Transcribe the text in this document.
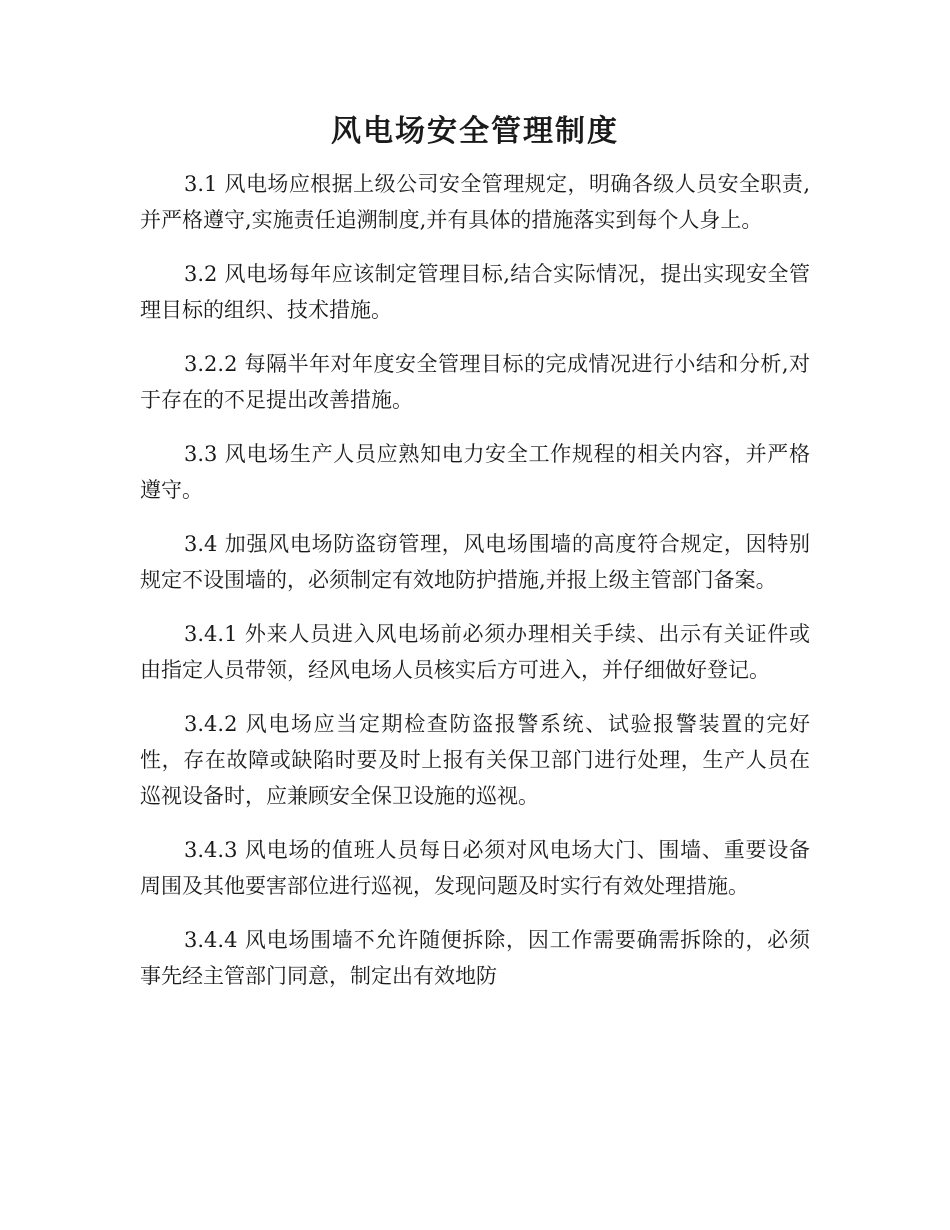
风电场安全管理制度

3.1 风电场应根据上级公司安全管理规定，明确各级人员安全职责,并严格遵守,实施责任追溯制度,并有具体的措施落实到每个人身上。

3.2 风电场每年应该制定管理目标,结合实际情况，提出实现安全管理目标的组织、技术措施。

3.2.2 每隔半年对年度安全管理目标的完成情况进行小结和分析,对于存在的不足提出改善措施。

3.3 风电场生产人员应熟知电力安全工作规程的相关内容，并严格遵守。

3.4 加强风电场防盗窃管理，风电场围墙的高度符合规定，因特别规定不设围墙的，必须制定有效地防护措施,并报上级主管部门备案。

3.4.1 外来人员进入风电场前必须办理相关手续、出示有关证件或由指定人员带领，经风电场人员核实后方可进入，并仔细做好登记。

3.4.2 风电场应当定期检查防盗报警系统、试验报警装置的完好性，存在故障或缺陷时要及时上报有关保卫部门进行处理，生产人员在巡视设备时，应兼顾安全保卫设施的巡视。

3.4.3 风电场的值班人员每日必须对风电场大门、围墙、重要设备周围及其他要害部位进行巡视，发现问题及时实行有效处理措施。

3.4.4 风电场围墙不允许随便拆除，因工作需要确需拆除的，必须事先经主管部门同意，制定出有效地防
